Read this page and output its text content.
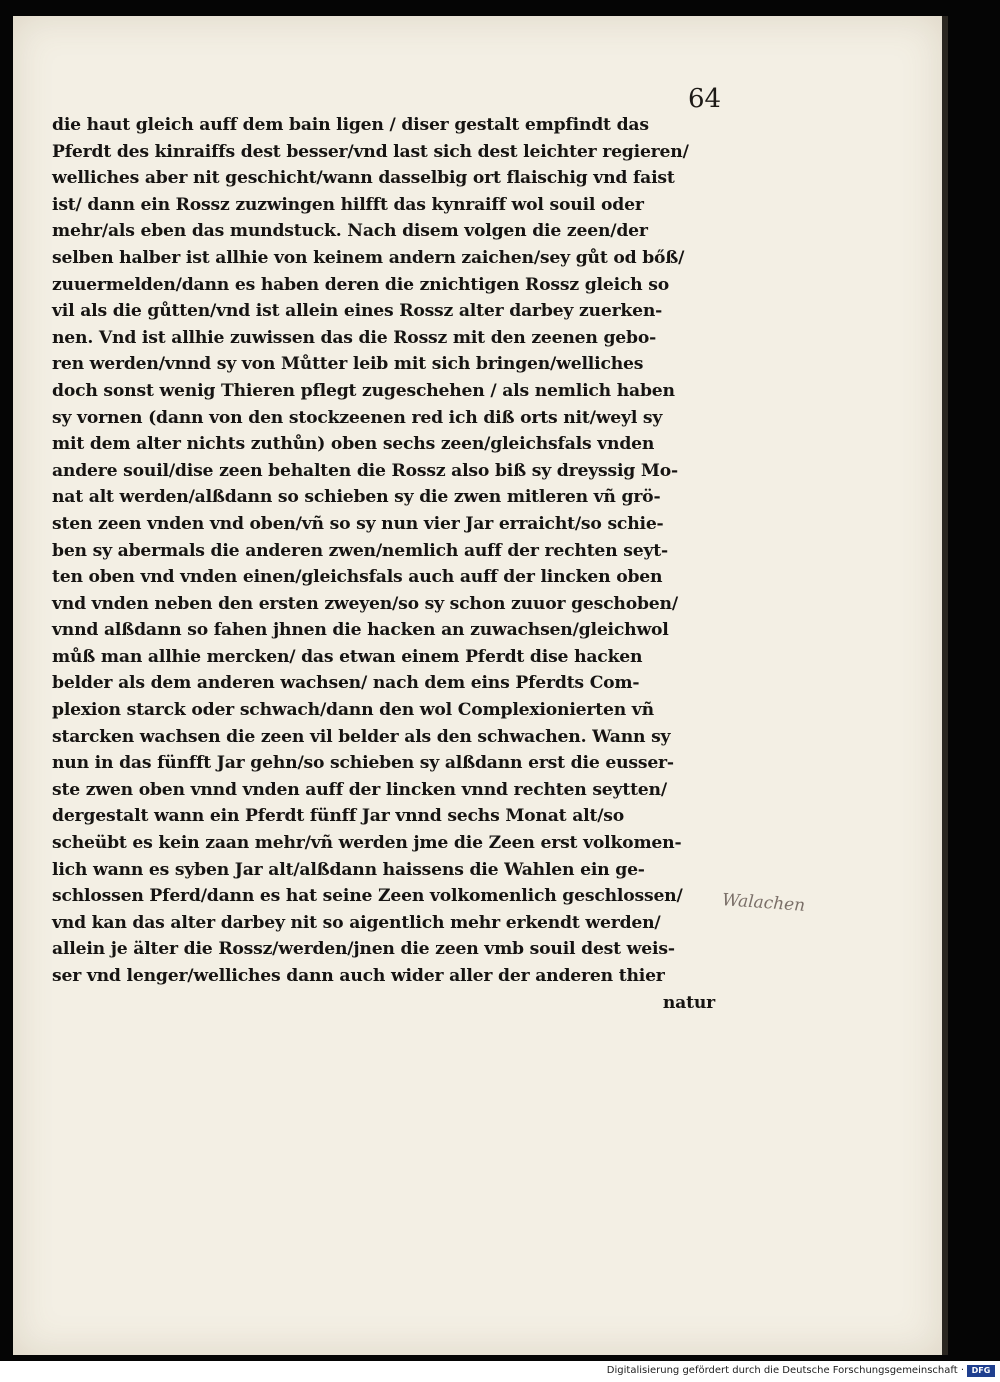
64
die haut gleich auff dem bain ligen / diser gestalt empfindt das
Pferdt des kinraiffs dest besser/vnd last sich dest leichter regieren/
welliches aber nit geschicht/wann dasselbig ort flaischig vnd faist
ist/ dann ein Rossz zuzwingen hilfft das kynraiff wol souil oder
mehr/als eben das mundstuck. Nach disem volgen die zeen/der
selben halber ist allhie von keinem andern zaichen/sey gůt od bőß/
zuuermelden/dann es haben deren die znichtigen Rossz gleich so
vil als die gůtten/vnd ist allein eines Rossz alter darbey zuerken-
nen. Vnd ist allhie zuwissen das die Rossz mit den zeenen gebo-
ren werden/vnnd sy von Můtter leib mit sich bringen/welliches
doch sonst wenig Thieren pflegt zugeschehen / als nemlich haben
sy vornen (dann von den stockzeenen red ich diß orts nit/weyl sy
mit dem alter nichts zuthůn) oben sechs zeen/gleichsfals vnden
andere souil/dise zeen behalten die Rossz also biß sy dreyssig Mo-
nat alt werden/alßdann so schieben sy die zwen mitleren vñ grö-
sten zeen vnden vnd oben/vñ so sy nun vier Jar erraicht/so schie-
ben sy abermals die anderen zwen/nemlich auff der rechten seyt-
ten oben vnd vnden einen/gleichsfals auch auff der lincken oben
vnd vnden neben den ersten zweyen/so sy schon zuuor geschoben/
vnnd alßdann so fahen jhnen die hacken an zuwachsen/gleichwol
můß man allhie mercken/ das etwan einem Pferdt dise hacken
belder als dem anderen wachsen/ nach dem eins Pferdts Com-
plexion starck oder schwach/dann den wol Complexionierten vñ
starcken wachsen die zeen vil belder als den schwachen. Wann sy
nun in das fünfft Jar gehn/so schieben sy alßdann erst die eusser-
ste zwen oben vnnd vnden auff der lincken vnnd rechten seytten/
dergestalt wann ein Pferdt fünff Jar vnnd sechs Monat alt/so
scheübt es kein zaan mehr/vñ werden jme die Zeen erst volkomen-
lich wann es syben Jar alt/alßdann haissens die Wahlen ein ge-
schlossen Pferd/dann es hat seine Zeen volkomenlich geschlossen/
vnd kan das alter darbey nit so aigentlich mehr erkendt werden/
allein je älter die Rossz/werden/jnen die zeen vmb souil dest weis-
ser vnd lenger/welliches dann auch wider aller der anderen thier
natur
Walachen
Digitalisierung gefördert durch die Deutsche Forschungsgemeinschaft · DFG
